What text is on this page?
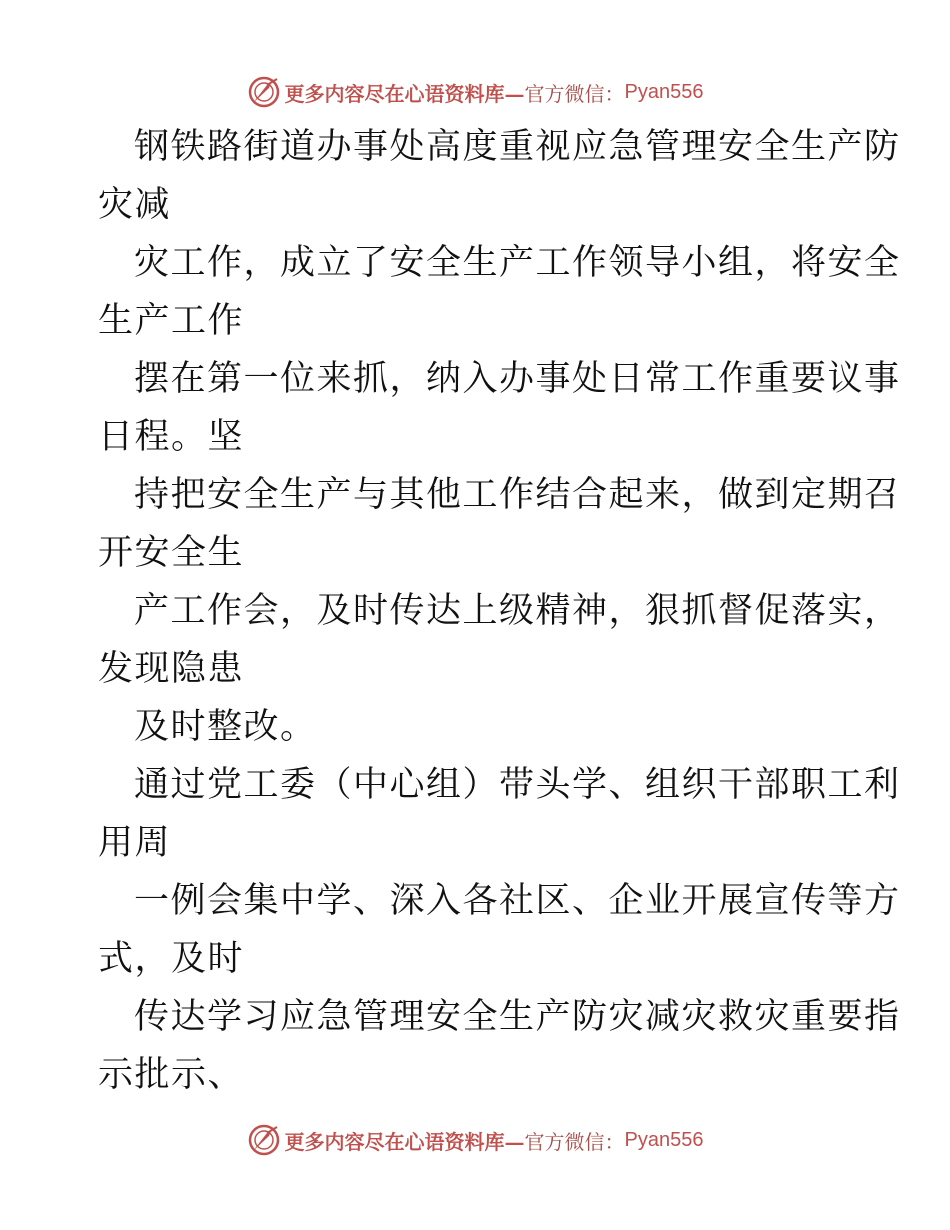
更多内容尽在心语资料库— 官方微信： Pyan556
钢铁路街道办事处高度重视应急管理安全生产防
灾减
灾工作，成立了安全生产工作领导小组，将安全
生产工作
摆在第一位来抓，纳入办事处日常工作重要议事
日程。坚
持把安全生产与其他工作结合起来，做到定期召
开安全生
产工作会，及时传达上级精神，狠抓督促落实，
发现隐患
及时整改。
通过党工委（中心组）带头学、组织干部职工利
用周
一例会集中学、深入各社区、企业开展宣传等方
式，及时
传达学习应急管理安全生产防灾减灾救灾重要指
示批示、
更多内容尽在心语资料库— 官方微信： Pyan556
